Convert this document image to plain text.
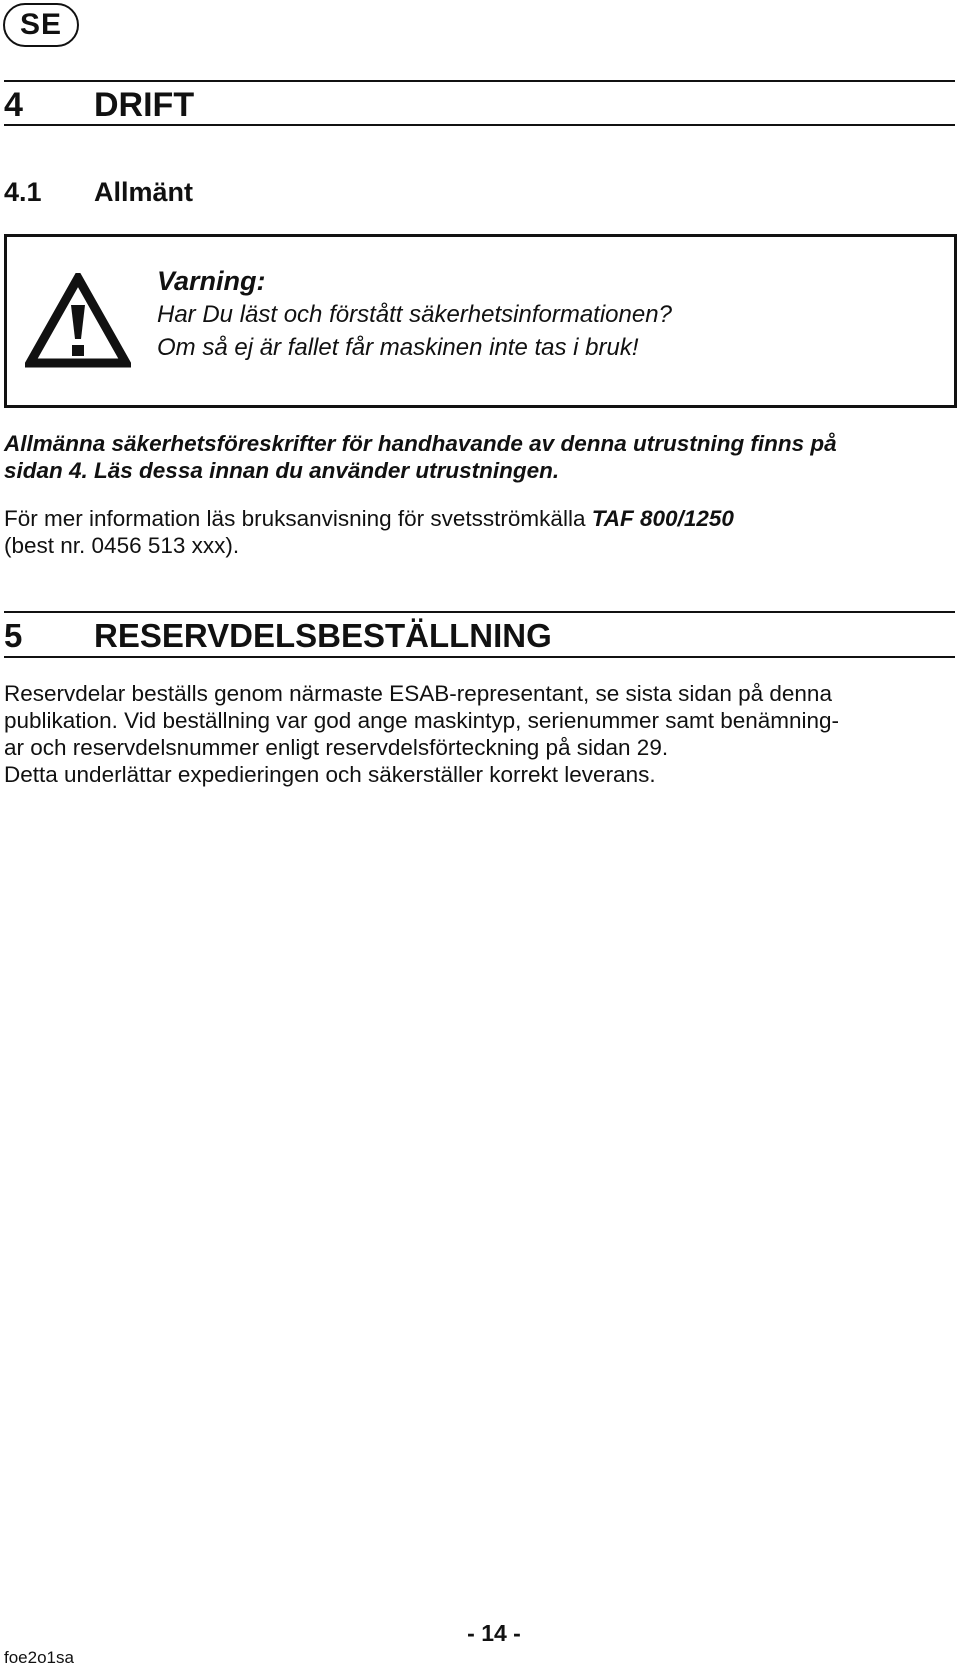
SE
4	DRIFT
4.1	Allmänt
Varning:
Har Du läst och förstått säkerhetsinformationen?
Om så ej är fallet får maskinen inte tas i bruk!
Allmänna säkerhetsföreskrifter för handhavande av denna utrustning finns på
sidan 4. Läs dessa innan du använder utrustningen.
För mer information läs bruksanvisning för svetsströmkälla TAF 800/1250
(best nr. 0456 513 xxx).
5	RESERVDELSBESTÄLLNING
Reservdelar beställs genom närmaste ESAB-representant, se sista sidan på denna
publikation. Vid beställning var god ange maskintyp, serienummer samt benämning-
ar och reservdelsnummer enligt reservdelsförteckning på sidan 29.
Detta underlättar expedieringen och säkerställer korrekt leverans.
- 14 -
foe2o1sa
